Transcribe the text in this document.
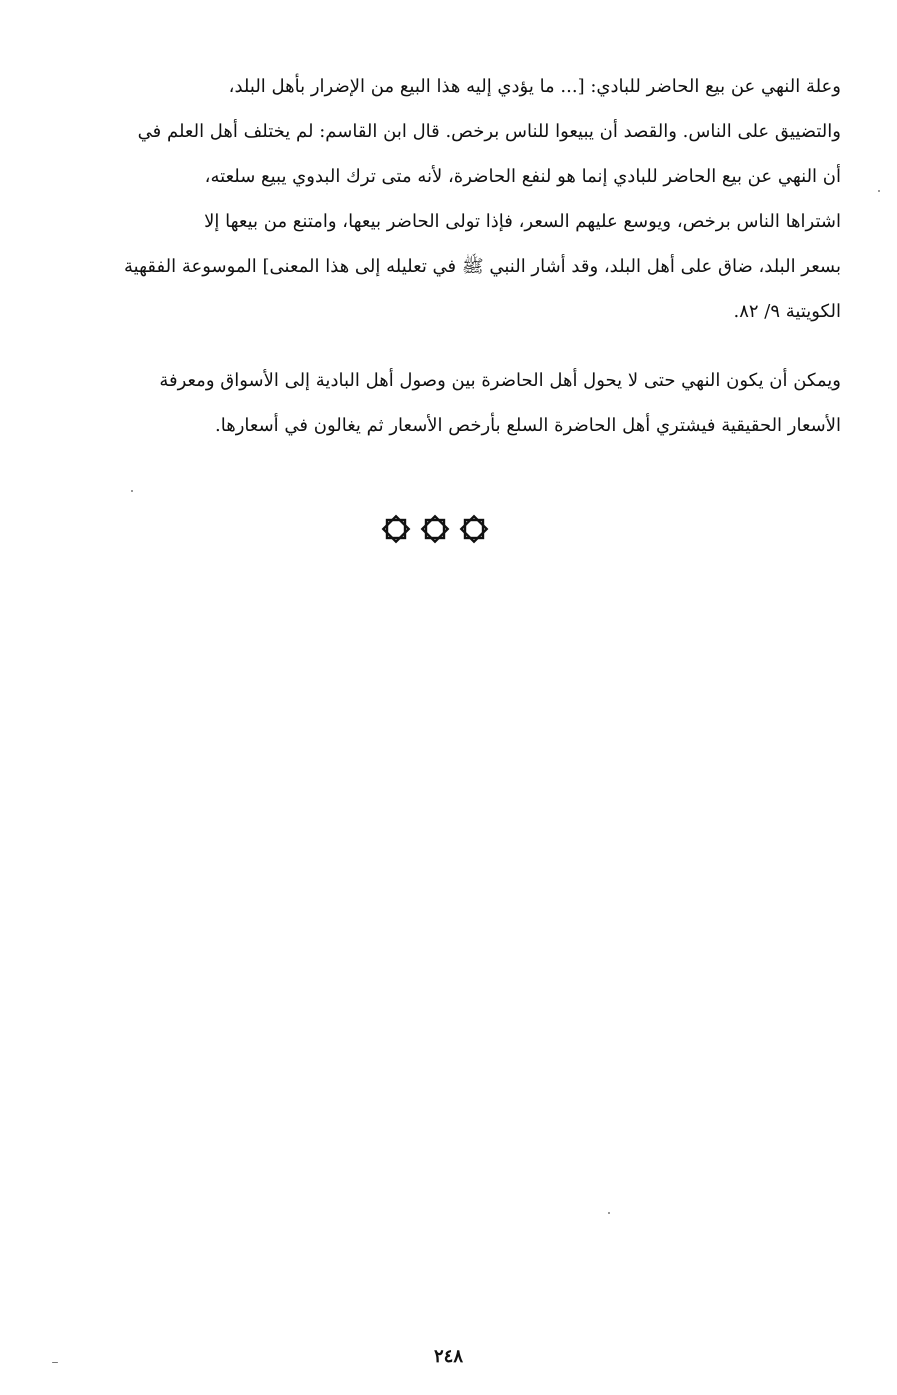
وعلة النهي عن بيع الحاضر للبادي: [... ما يؤدي إليه هذا البيع من الإضرار بأهل البلد،
والتضييق على الناس. والقصد أن يبيعوا للناس برخص. قال ابن القاسم: لم يختلف أهل العلم في
أن النهي عن بيع الحاضر للبادي إنما هو لنفع الحاضرة، لأنه متى ترك البدوي يبيع سلعته،
اشتراها الناس برخص، ويوسع عليهم السعر، فإذا تولى الحاضر بيعها، وامتنع من بيعها إلا
بسعر البلد، ضاق على أهل البلد، وقد أشار النبي ﷺ في تعليله إلى هذا المعنى] الموسوعة الفقهية
الكويتية ٩/ ٨٢.
ويمكن أن يكون النهي حتى لا يحول أهل الحاضرة بين وصول أهل البادية إلى الأسواق ومعرفة
الأسعار الحقيقية فيشتري أهل الحاضرة السلع بأرخص الأسعار ثم يغالون في أسعارها.
٢٤٨
